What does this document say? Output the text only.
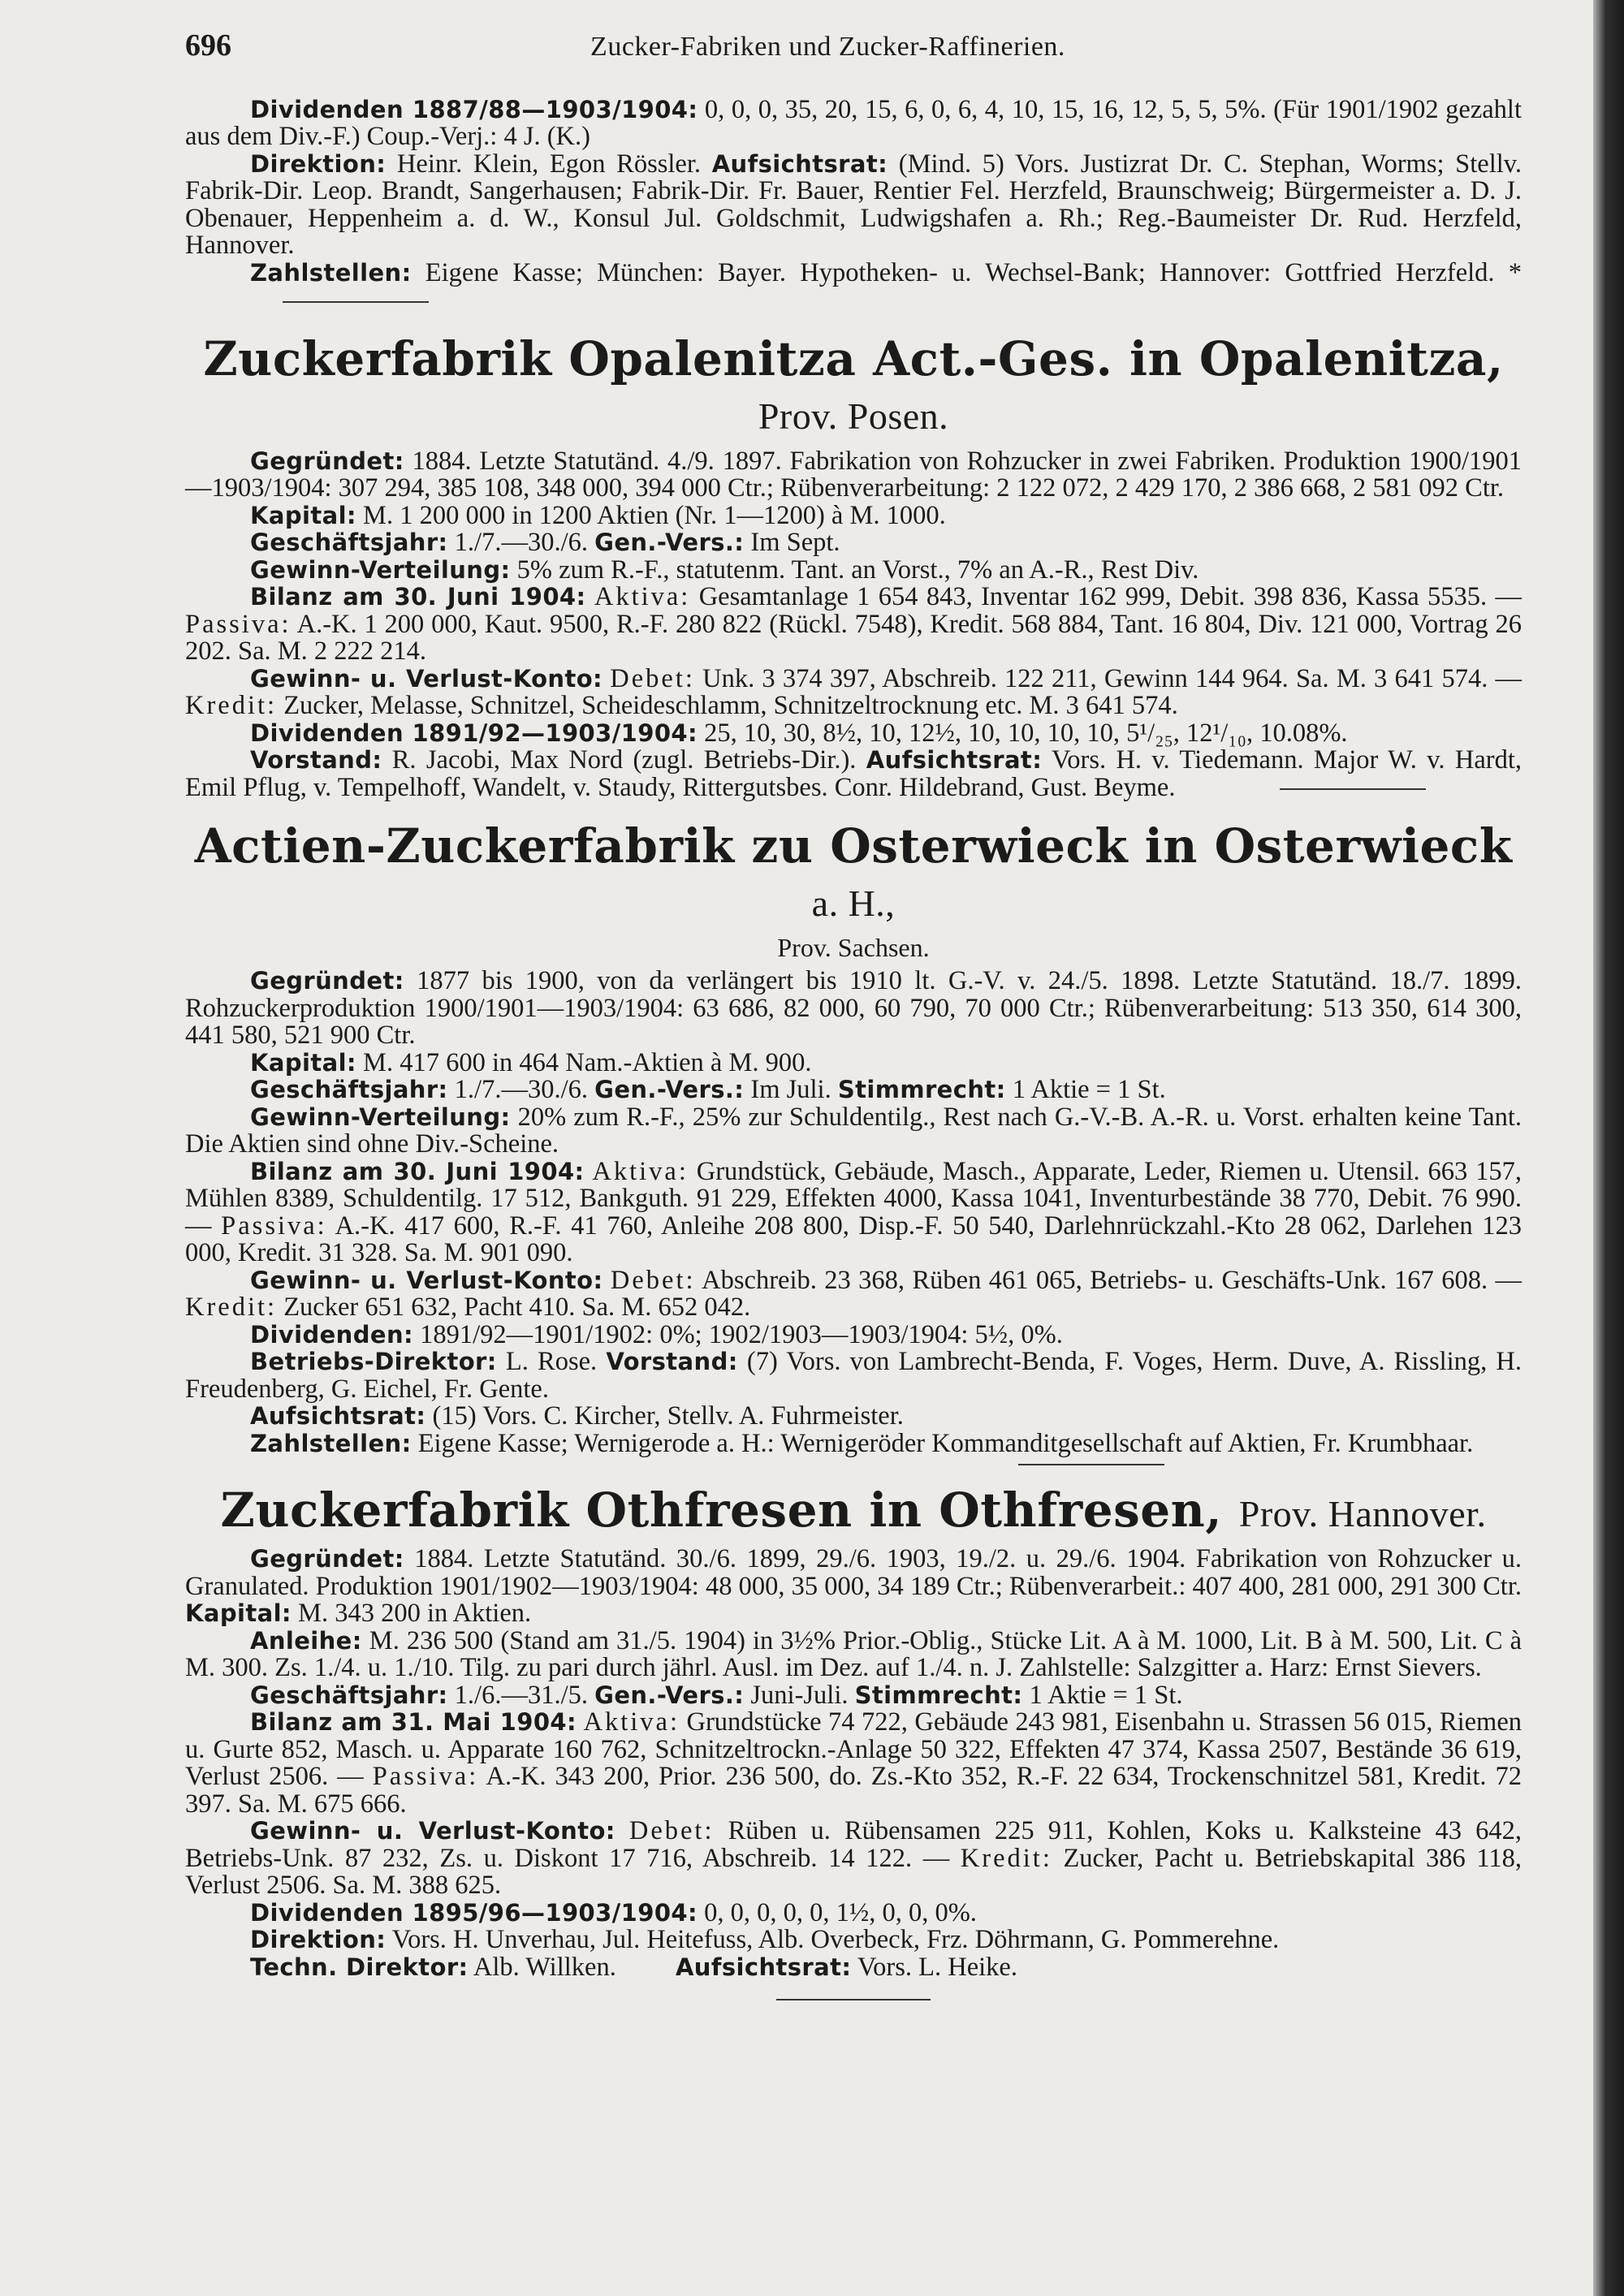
696	Zucker-Fabriken und Zucker-Raffinerien.

Dividenden 1887/88—1903/1904: 0, 0, 0, 35, 20, 15, 6, 0, 6, 4, 10, 15, 16, 12, 5, 5, 5%. (Für 1901/1902 gezahlt aus dem Div.-F.) Coup.-Verj.: 4 J. (K.)

Direktion: Heinr. Klein, Egon Rössler. Aufsichtsrat: (Mind. 5) Vors. Justizrat Dr. C. Stephan, Worms; Stellv. Fabrik-Dir. Leop. Brandt, Sangerhausen; Fabrik-Dir. Fr. Bauer, Rentier Fel. Herzfeld, Braunschweig; Bürgermeister a. D. J. Obenauer, Heppenheim a. d. W., Konsul Jul. Goldschmit, Ludwigshafen a. Rh.; Reg.-Baumeister Dr. Rud. Herzfeld, Hannover.

Zahlstellen: Eigene Kasse; München: Bayer. Hypotheken- u. Wechsel-Bank; Hannover: Gottfried Herzfeld. *

Zuckerfabrik Opalenitza Act.-Ges. in Opalenitza, Prov. Posen.

Gegründet: 1884. Letzte Statutänd. 4./9. 1897. Fabrikation von Rohzucker in zwei Fabriken. Produktion 1900/1901—1903/1904: 307 294, 385 108, 348 000, 394 000 Ctr.; Rübenverarbeitung: 2 122 072, 2 429 170, 2 386 668, 2 581 092 Ctr.

Kapital: M. 1 200 000 in 1200 Aktien (Nr. 1—1200) à M. 1000.

Geschäftsjahr: 1./7.—30./6. Gen.-Vers.: Im Sept.

Gewinn-Verteilung: 5% zum R.-F., statutenm. Tant. an Vorst., 7% an A.-R., Rest Div.

Bilanz am 30. Juni 1904: Aktiva: Gesamtanlage 1 654 843, Inventar 162 999, Debit. 398 836, Kassa 5535. — Passiva: A.-K. 1 200 000, Kaut. 9500, R.-F. 280 822 (Rückl. 7548), Kredit. 568 884, Tant. 16 804, Div. 121 000, Vortrag 26 202. Sa. M. 2 222 214.

Gewinn- u. Verlust-Konto: Debet: Unk. 3 374 397, Abschreib. 122 211, Gewinn 144 964. Sa. M. 3 641 574. — Kredit: Zucker, Melasse, Schnitzel, Scheideschlamm, Schnitzeltrocknung etc. M. 3 641 574.

Dividenden 1891/92—1903/1904: 25, 10, 30, 8½, 10, 12½, 10, 10, 10, 10, 5¹/₂₅, 12¹/₁₀, 10.08%.

Vorstand: R. Jacobi, Max Nord (zugl. Betriebs-Dir.). Aufsichtsrat: Vors. H. v. Tiedemann. Major W. v. Hardt, Emil Pflug, v. Tempelhoff, Wandelt, v. Staudy, Rittergutsbes. Conr. Hildebrand, Gust. Beyme.

Actien-Zuckerfabrik zu Osterwieck in Osterwieck a. H.,
Prov. Sachsen.

Gegründet: 1877 bis 1900, von da verlängert bis 1910 lt. G.-V. v. 24./5. 1898. Letzte Statutänd. 18./7. 1899. Rohzuckerproduktion 1900/1901—1903/1904: 63 686, 82 000, 60 790, 70 000 Ctr.; Rübenverarbeitung: 513 350, 614 300, 441 580, 521 900 Ctr.

Kapital: M. 417 600 in 464 Nam.-Aktien à M. 900.

Geschäftsjahr: 1./7.—30./6. Gen.-Vers.: Im Juli. Stimmrecht: 1 Aktie = 1 St.

Gewinn-Verteilung: 20% zum R.-F., 25% zur Schuldentilg., Rest nach G.-V.-B. A.-R. u. Vorst. erhalten keine Tant. Die Aktien sind ohne Div.-Scheine.

Bilanz am 30. Juni 1904: Aktiva: Grundstück, Gebäude, Masch., Apparate, Leder, Riemen u. Utensil. 663 157, Mühlen 8389, Schuldentilg. 17 512, Bankguth. 91 229, Effekten 4000, Kassa 1041, Inventurbestände 38 770, Debit. 76 990. — Passiva: A.-K. 417 600, R.-F. 41 760, Anleihe 208 800, Disp.-F. 50 540, Darlehnrückzahl.-Kto 28 062, Darlehen 123 000, Kredit. 31 328. Sa. M. 901 090.

Gewinn- u. Verlust-Konto: Debet: Abschreib. 23 368, Rüben 461 065, Betriebs- u. Geschäfts-Unk. 167 608. — Kredit: Zucker 651 632, Pacht 410. Sa. M. 652 042.

Dividenden: 1891/92—1901/1902: 0%; 1902/1903—1903/1904: 5½, 0%.

Betriebs-Direktor: L. Rose. Vorstand: (7) Vors. von Lambrecht-Benda, F. Voges, Herm. Duve, A. Rissling, H. Freudenberg, G. Eichel, Fr. Gente.

Aufsichtsrat: (15) Vors. C. Kircher, Stellv. A. Fuhrmeister.

Zahlstellen: Eigene Kasse; Wernigerode a. H.: Wernigeröder Kommanditgesellschaft auf Aktien, Fr. Krumbhaar.

Zuckerfabrik Othfresen in Othfresen, Prov. Hannover.

Gegründet: 1884. Letzte Statutänd. 30./6. 1899, 29./6. 1903, 19./2. u. 29./6. 1904. Fabrikation von Rohzucker u. Granulated. Produktion 1901/1902—1903/1904: 48 000, 35 000, 34 189 Ctr.; Rübenverarbeit.: 407 400, 281 000, 291 300 Ctr. Kapital: M. 343 200 in Aktien.

Anleihe: M. 236 500 (Stand am 31./5. 1904) in 3½% Prior.-Oblig., Stücke Lit. A à M. 1000, Lit. B à M. 500, Lit. C à M. 300. Zs. 1./4. u. 1./10. Tilg. zu pari durch jährl. Ausl. im Dez. auf 1./4. n. J. Zahlstelle: Salzgitter a. Harz: Ernst Sievers.

Geschäftsjahr: 1./6.—31./5. Gen.-Vers.: Juni-Juli. Stimmrecht: 1 Aktie = 1 St.

Bilanz am 31. Mai 1904: Aktiva: Grundstücke 74 722, Gebäude 243 981, Eisenbahn u. Strassen 56 015, Riemen u. Gurte 852, Masch. u. Apparate 160 762, Schnitzeltrockn.-Anlage 50 322, Effekten 47 374, Kassa 2507, Bestände 36 619, Verlust 2506. — Passiva: A.-K. 343 200, Prior. 236 500, do. Zs.-Kto 352, R.-F. 22 634, Trockenschnitzel 581, Kredit. 72 397. Sa. M. 675 666.

Gewinn- u. Verlust-Konto: Debet: Rüben u. Rübensamen 225 911, Kohlen, Koks u. Kalksteine 43 642, Betriebs-Unk. 87 232, Zs. u. Diskont 17 716, Abschreib. 14 122. — Kredit: Zucker, Pacht u. Betriebskapital 386 118, Verlust 2506. Sa. M. 388 625.

Dividenden 1895/96—1903/1904: 0, 0, 0, 0, 0, 1½, 0, 0, 0%.

Direktion: Vors. H. Unverhau, Jul. Heitefuss, Alb. Overbeck, Frz. Döhrmann, G. Pommerehne.

Techn. Direktor: Alb. Willken.	Aufsichtsrat: Vors. L. Heike.
